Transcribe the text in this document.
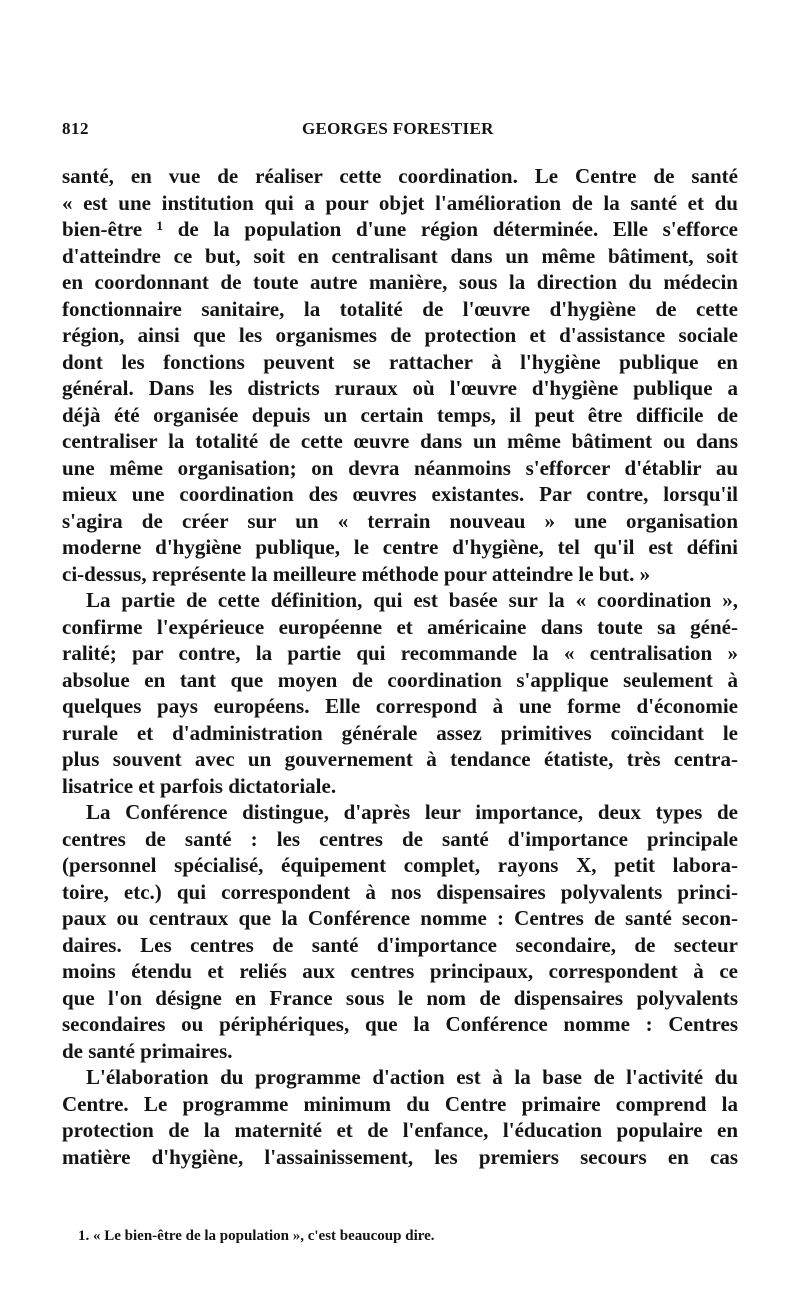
812	GEORGES FORESTIER
santé, en vue de réaliser cette coordination. Le Centre de santé
« est une institution qui a pour objet l'amélioration de la santé et du
bien-être ¹ de la population d'une région déterminée. Elle s'efforce
d'atteindre ce but, soit en centralisant dans un même bâtiment, soit
en coordonnant de toute autre manière, sous la direction du médecin
fonctionnaire sanitaire, la totalité de l'œuvre d'hygiène de cette
région, ainsi que les organismes de protection et d'assistance sociale
dont les fonctions peuvent se rattacher à l'hygiène publique en
général. Dans les districts ruraux où l'œuvre d'hygiène publique a
déjà été organisée depuis un certain temps, il peut être difficile de
centraliser la totalité de cette œuvre dans un même bâtiment ou dans
une même organisation; on devra néanmoins s'efforcer d'établir au
mieux une coordination des œuvres existantes. Par contre, lorsqu'il
s'agira de créer sur un « terrain nouveau » une organisation
moderne d'hygiène publique, le centre d'hygiène, tel qu'il est défini
ci-dessus, représente la meilleure méthode pour atteindre le but. »
La partie de cette définition, qui est basée sur la « coordination »,
confirme l'expérieuce européenne et américaine dans toute sa géné-
ralité; par contre, la partie qui recommande la « centralisation »
absolue en tant que moyen de coordination s'applique seulement à
quelques pays européens. Elle correspond à une forme d'économie
rurale et d'administration générale assez primitives coïncidant le
plus souvent avec un gouvernement à tendance étatiste, très centra-
lisatrice et parfois dictatoriale.
La Conférence distingue, d'après leur importance, deux types de
centres de santé : les centres de santé d'importance principale
(personnel spécialisé, équipement complet, rayons X, petit labora-
toire, etc.) qui correspondent à nos dispensaires polyvalents princi-
paux ou centraux que la Conférence nomme : Centres de santé secon-
daires. Les centres de santé d'importance secondaire, de secteur
moins étendu et reliés aux centres principaux, correspondent à ce
que l'on désigne en France sous le nom de dispensaires polyvalents
secondaires ou périphériques, que la Conférence nomme : Centres
de santé primaires.
L'élaboration du programme d'action est à la base de l'activité du
Centre. Le programme minimum du Centre primaire comprend la
protection de la maternité et de l'enfance, l'éducation populaire en
matière d'hygiène, l'assainissement, les premiers secours en cas
1. « Le bien-être de la population », c'est beaucoup dire.
